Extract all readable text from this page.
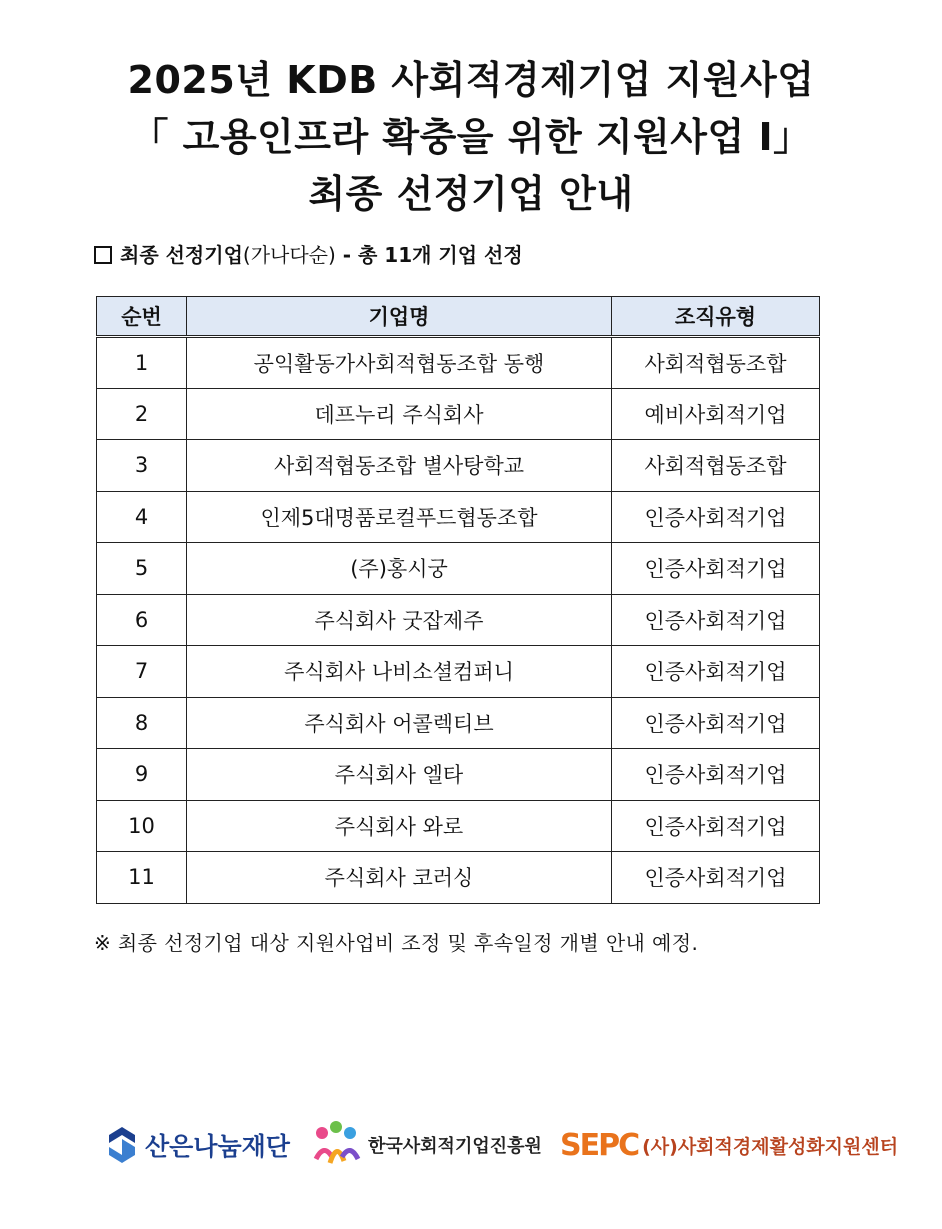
2025년 KDB 사회적경제기업 지원사업
「 고용인프라 확충을 위한 지원사업 Ⅰ」
최종 선정기업 안내
최종 선정기업(가나다순) - 총 11개 기업 선정
순번	기업명	조직유형
1	공익활동가사회적협동조합 동행	사회적협동조합
2	데프누리 주식회사	예비사회적기업
3	사회적협동조합 별사탕학교	사회적협동조합
4	인제5대명품로컬푸드협동조합	인증사회적기업
5	(주)홍시궁	인증사회적기업
6	주식회사 굿잡제주	인증사회적기업
7	주식회사 나비소셜컴퍼니	인증사회적기업
8	주식회사 어콜렉티브	인증사회적기업
9	주식회사 엘타	인증사회적기업
10	주식회사 와로	인증사회적기업
11	주식회사 코러싱	인증사회적기업
※ 최종 선정기업 대상 지원사업비 조정 및 후속일정 개별 안내 예정.
산은나눔재단	한국사회적기업진흥원 SEPC (사)사회적경제활성화지원센터
